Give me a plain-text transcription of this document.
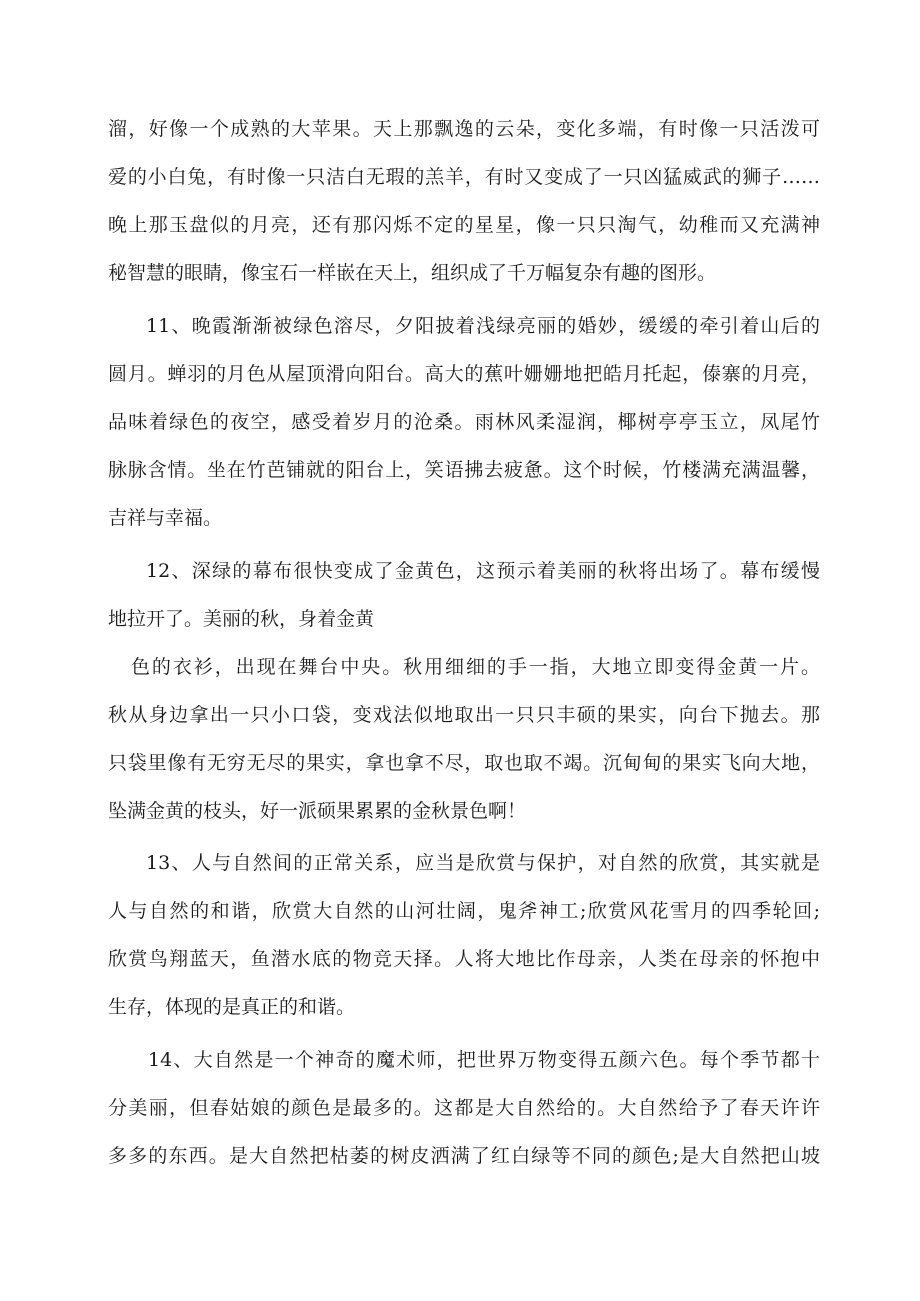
溜，好像一个成熟的大苹果。天上那飘逸的云朵，变化多端，有时像一只活泼可

爱的小白兔，有时像一只洁白无瑕的羔羊，有时又变成了一只凶猛威武的狮子……

晚上那玉盘似的月亮，还有那闪烁不定的星星，像一只只淘气，幼稚而又充满神

秘智慧的眼睛，像宝石一样嵌在天上，组织成了千万幅复杂有趣的图形。

11、晚霞渐渐被绿色溶尽，夕阳披着浅绿亮丽的婚妙，缓缓的牵引着山后的

圆月。蝉羽的月色从屋顶滑向阳台。高大的蕉叶姗姗地把皓月托起，傣寨的月亮，

品味着绿色的夜空，感受着岁月的沧桑。雨林风柔湿润，椰树亭亭玉立，凤尾竹

脉脉含情。坐在竹芭铺就的阳台上，笑语拂去疲惫。这个时候，竹楼满充满温馨，

吉祥与幸福。

12、深绿的幕布很快变成了金黄色，这预示着美丽的秋将出场了。幕布缓慢

地拉开了。美丽的秋，身着金黄

色的衣衫，出现在舞台中央。秋用细细的手一指，大地立即变得金黄一片。

秋从身边拿出一只小口袋，变戏法似地取出一只只丰硕的果实，向台下抛去。那

只袋里像有无穷无尽的果实，拿也拿不尽，取也取不竭。沉甸甸的果实飞向大地，

坠满金黄的枝头，好一派硕果累累的金秋景色啊！

13、人与自然间的正常关系，应当是欣赏与保护，对自然的欣赏，其实就是

人与自然的和谐，欣赏大自然的山河壮阔，鬼斧神工;欣赏风花雪月的四季轮回;

欣赏鸟翔蓝天，鱼潜水底的物竞天择。人将大地比作母亲，人类在母亲的怀抱中

生存，体现的是真正的和谐。

14、大自然是一个神奇的魔术师，把世界万物变得五颜六色。每个季节都十

分美丽，但春姑娘的颜色是最多的。这都是大自然给的。大自然给予了春天许许

多多的东西。是大自然把枯萎的树皮洒满了红白绿等不同的颜色;是大自然把山坡
